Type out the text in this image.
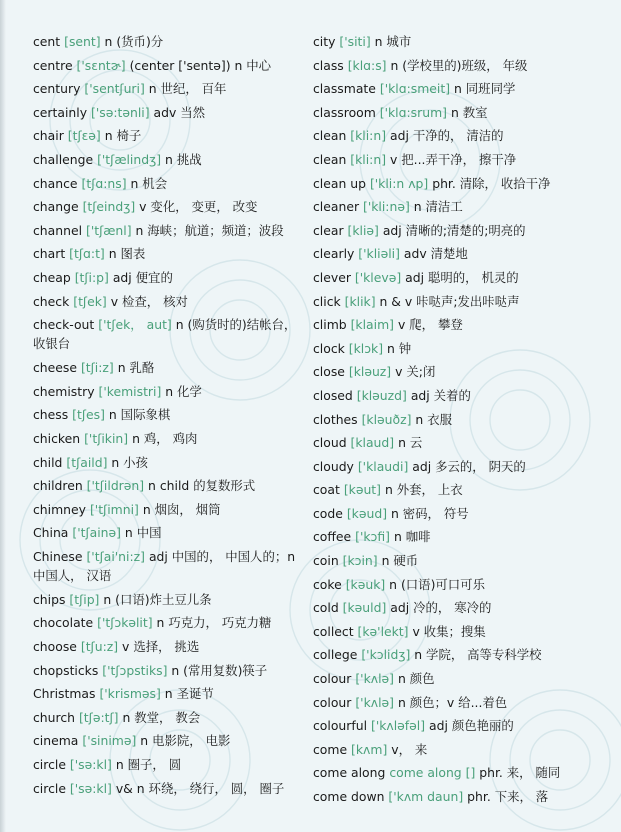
cent [sent] n (货币)分
centre ['sɛntɚ] (center ['sentə]) n 中心
century ['sentʃuri] n 世纪， 百年
certainly ['sə:tənli] adv 当然
chair [tʃɛə] n 椅子
challenge ['tʃælindʒ] n 挑战
chance [tʃɑ:ns] n 机会
change [tʃeindʒ] v 变化， 变更， 改变
channel ['tʃænl] n 海峡；航道；频道；波段
chart [tʃɑ:t] n 图表
cheap [tʃi:p] adj 便宜的
check [tʃek] v 检查， 核对
check-out ['tʃek， aut] n (购货时的)结帐台，收银台
cheese [tʃi:z] n 乳酪
chemistry ['kemistri] n 化学
chess [tʃes] n 国际象棋
chicken ['tʃikin] n 鸡， 鸡肉
child [tʃaild] n 小孩
children ['tʃildrən] n child 的复数形式
chimney ['tʃimni] n 烟囱， 烟筒
China ['tʃainə] n 中国
Chinese ['tʃai'ni:z] adj 中国的， 中国人的；n 中国人， 汉语
chips [tʃip] n (口语)炸土豆儿条
chocolate ['tʃɔkəlit] n 巧克力， 巧克力糖
choose [tʃu:z] v 选择， 挑选
chopsticks ['tʃɔpstiks] n (常用复数)筷子
Christmas ['krisməs] n 圣诞节
church [tʃə:tʃ] n 教堂， 教会
cinema ['sinimə] n 电影院， 电影
circle ['sə:kl] n 圈子， 圆
circle ['sə:kl] v& n 环绕， 绕行， 圆， 圈子
city ['siti] n 城市
class [klɑ:s] n (学校里的)班级， 年级
classmate ['klɑ:smeit] n 同班同学
classroom ['klɑ:srum] n 教室
clean [kli:n] adj 干净的， 清洁的
clean [kli:n] v 把...弄干净， 擦干净
clean up ['kli:n ʌp] phr. 清除， 收拾干净
cleaner ['kli:nə] n 清洁工
clear [kliə] adj 清晰的;清楚的;明亮的
clearly ['kliəli] adv 清楚地
clever ['klevə] adj 聪明的， 机灵的
click [klik] n & v 咔哒声;发出咔哒声
climb [klaim] v 爬， 攀登
clock [klɔk] n 钟
close [kləuz] v 关;闭
closed [kləuzd] adj 关着的
clothes [kləuðz] n 衣服
cloud [klaud] n 云
cloudy ['klaudi] adj 多云的， 阴天的
coat [kəut] n 外套， 上衣
code [kəud] n 密码， 符号
coffee ['kɔfi] n 咖啡
coin [kɔin] n 硬币
coke [kəuk] n (口语)可口可乐
cold [kəuld] adj 冷的， 寒冷的
collect [kə'lekt] v 收集；搜集
college ['kɔlidʒ] n 学院， 高等专科学校
colour ['kʌlə] n 颜色
colour ['kʌlə] n 颜色；v 给...着色
colourful ['kʌləfəl] adj 颜色艳丽的
come [kʌm] v， 来
come along come along [] phr. 来， 随同
come down ['kʌm daun] phr. 下来， 落
